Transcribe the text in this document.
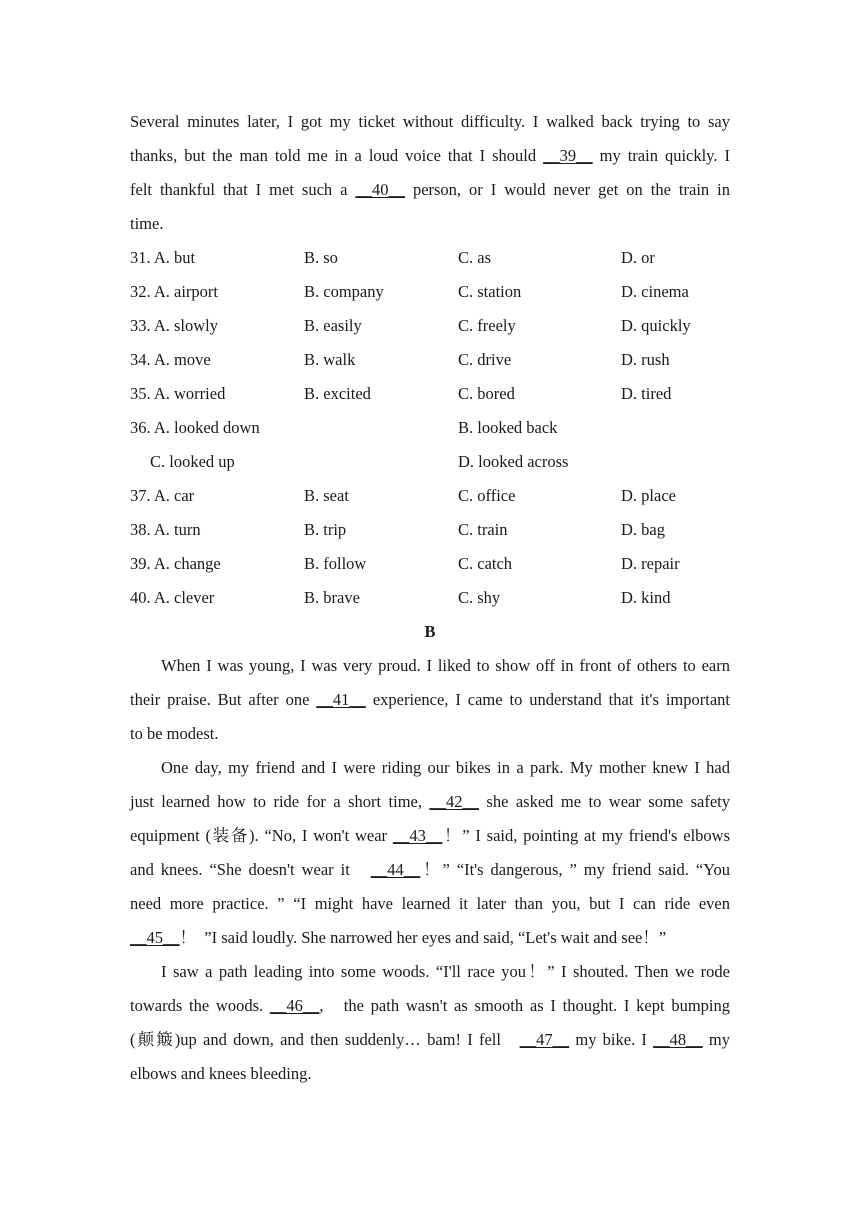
Several minutes later, I got my ticket without difficulty. I walked back trying to say
thanks, but the man told me in a loud voice that I should __39__ my train quickly. I
felt thankful that I met such a __40__ person, or I would never get on the train in
time.
31. A. but	B. so	C. as	D. or
32. A. airport	B. company	C. station	D. cinema
33. A. slowly	B. easily	C. freely	D. quickly
34. A. move	B. walk	C. drive	D. rush
35. A. worried	B. excited	C. bored	D. tired
36. A. looked down	B. looked back
C. looked up	D. looked across
37. A. car	B. seat	C. office	D. place
38. A. turn	B. trip	C. train	D. bag
39. A. change	B. follow	C. catch	D. repair
40. A. clever	B. brave	C. shy	D. kind
B
When I was young, I was very proud. I liked to show off in front of others to earn
their praise. But after one __41__ experience, I came to understand that it's important
to be modest.
One day, my friend and I were riding our bikes in a park. My mother knew I had
just learned how to ride for a short time, __42__ she asked me to wear some safety
equipment (装备). “No, I won't wear __43__！” I said, pointing at my friend's elbows
and knees. “She doesn't wear it   __44__！” “It's dangerous, ” my friend said. “You
need more practice. ” “I might have learned it later than you, but I can ride even
__45__！  ”I said loudly. She narrowed her eyes and said, “Let's wait and see！”
I saw a path leading into some woods. “I'll race you！” I shouted. Then we rode
towards the woods. __46__,   the path wasn't as smooth as I thought. I kept bumping
(颠簸)up and down, and then suddenly… bam! I fell   __47__ my bike. I __48__ my
elbows and knees bleeding.
